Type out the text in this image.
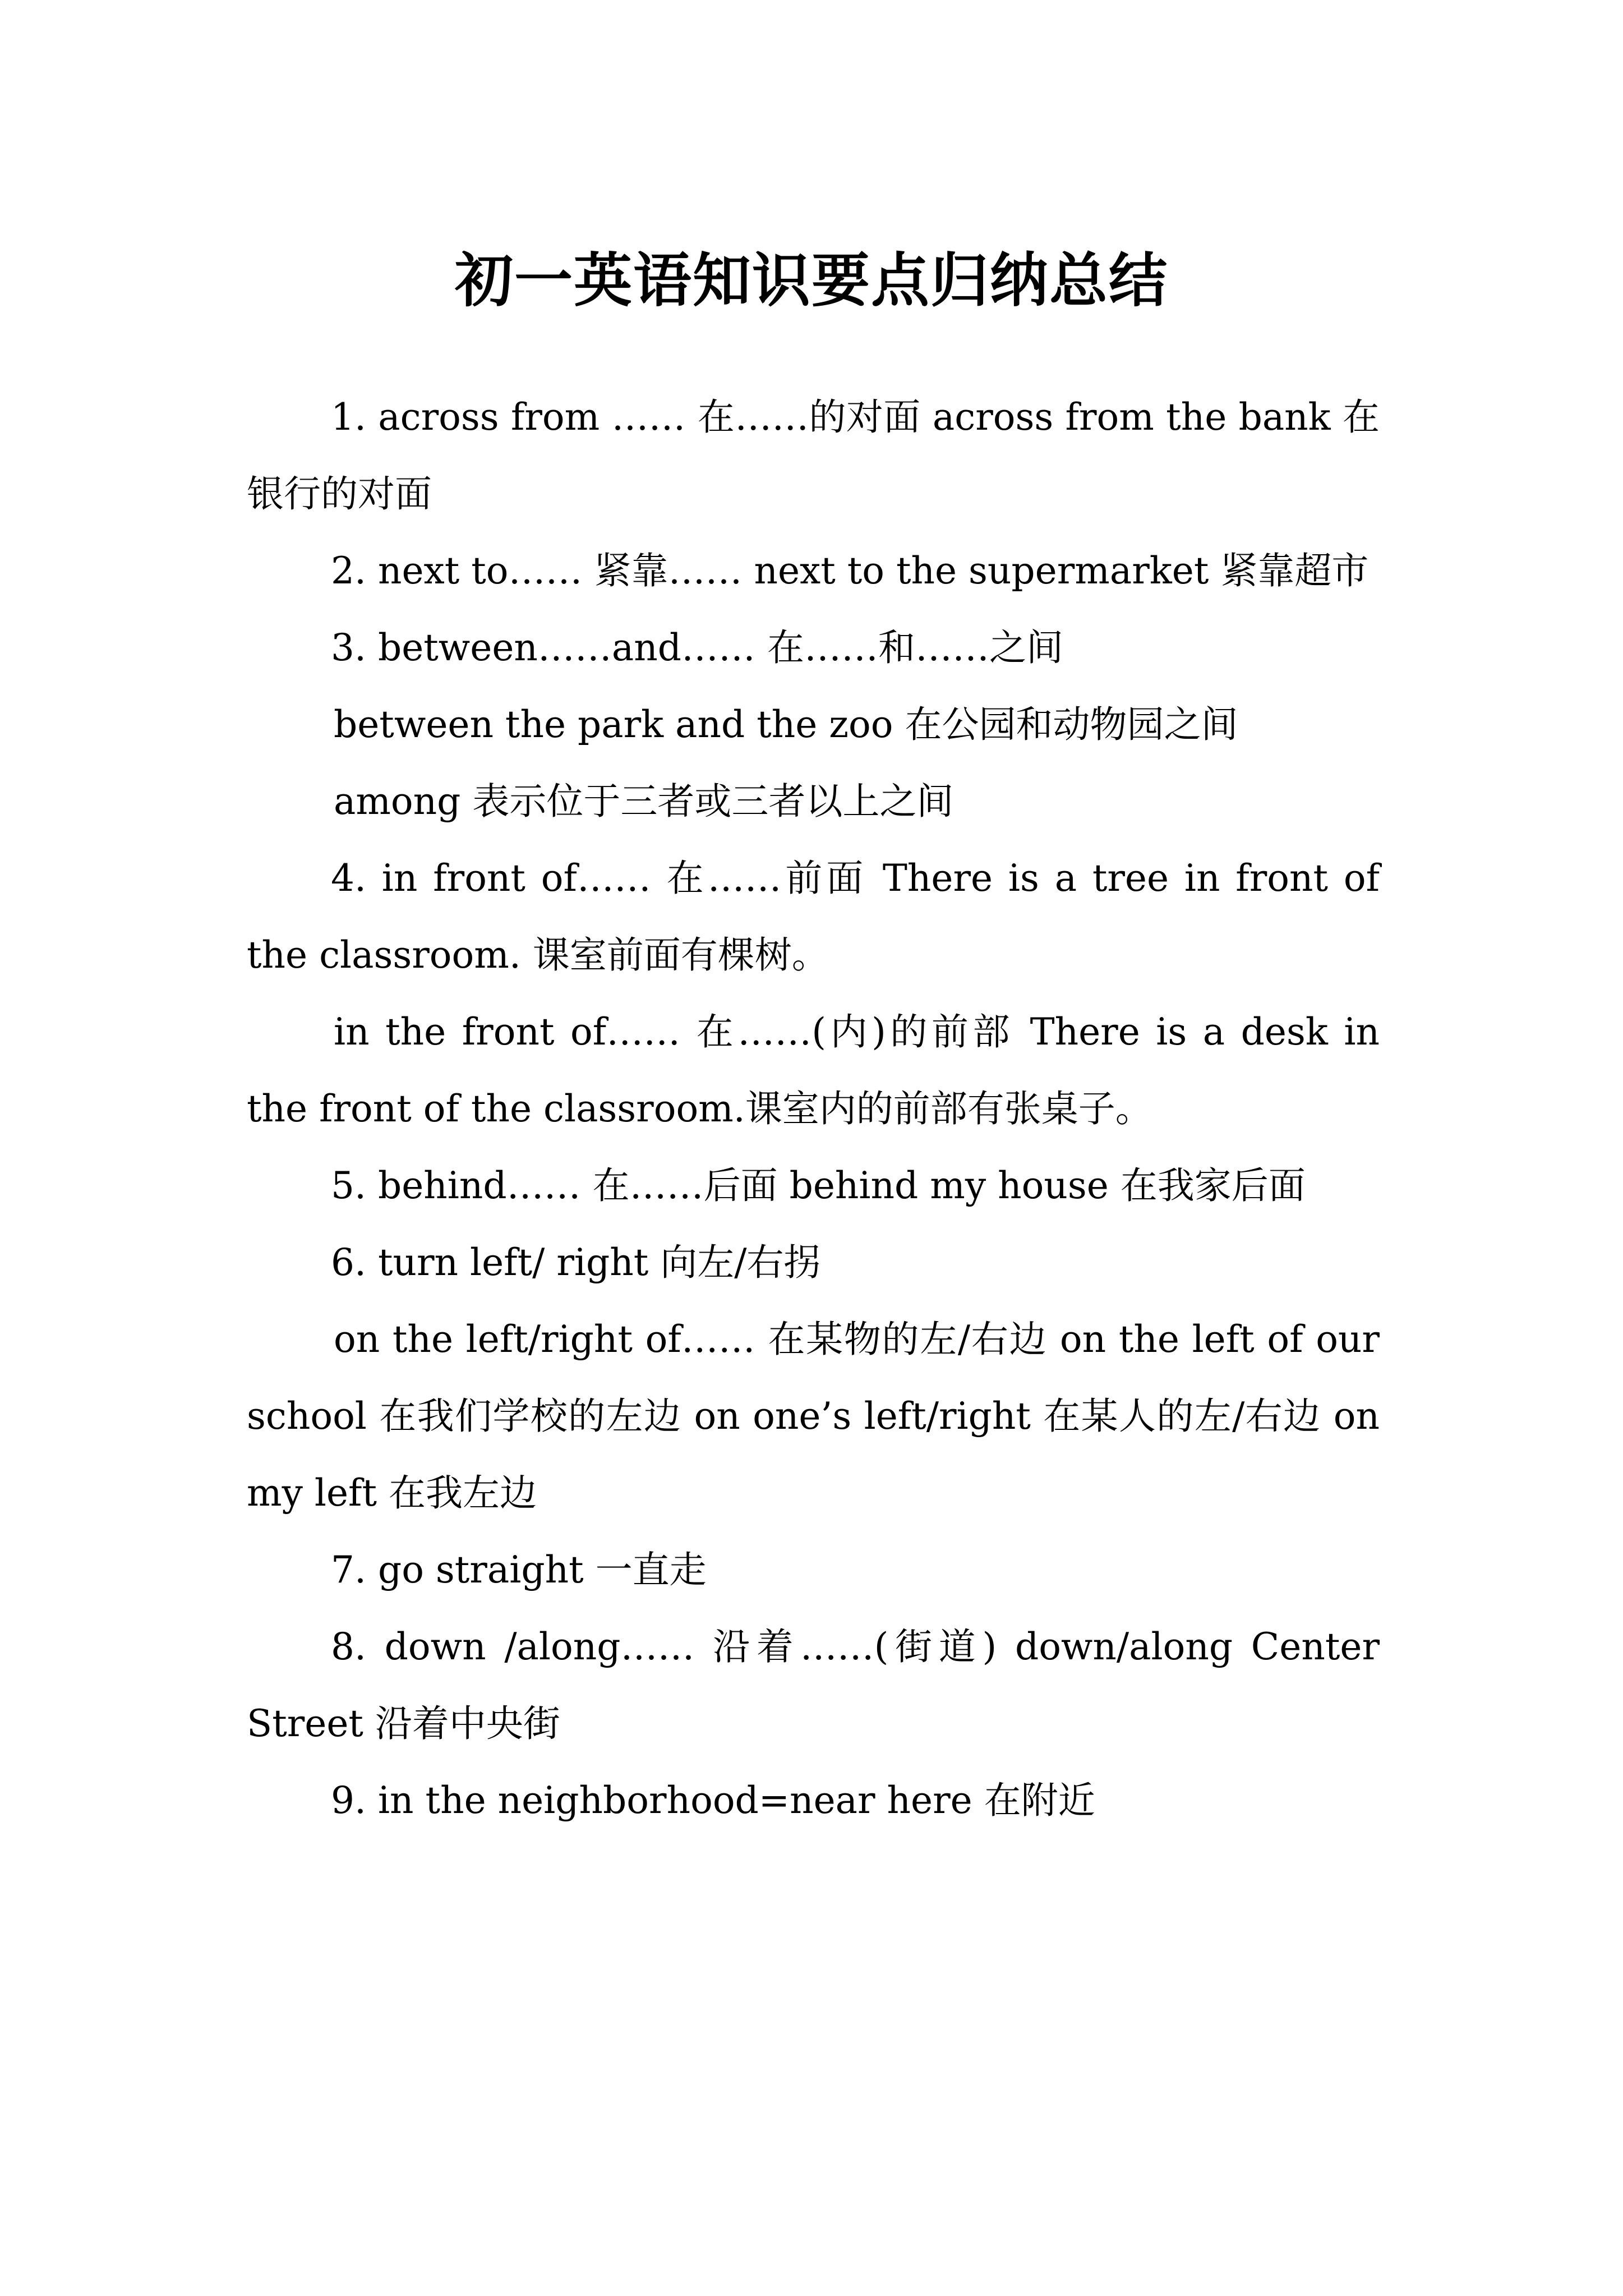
初一英语知识要点归纳总结

1. across from …… 在……的对面 across from the bank 在银行的对面

2. next to…… 紧靠…… next to the supermarket 紧靠超市

3. between……and…… 在……和……之间

between the park and the zoo 在公园和动物园之间

among 表示位于三者或三者以上之间

4. in front of…… 在……前面 There is a tree in front of the classroom. 课室前面有棵树。

in the front of…… 在……(内)的前部 There is a desk in the front of the classroom.课室内的前部有张桌子。

5. behind…… 在……后面 behind my house 在我家后面

6. turn left/ right 向左/右拐

on the left/right of…… 在某物的左/右边 on the left of our school 在我们学校的左边 on one’s left/right 在某人的左/右边 on my left 在我左边

7. go straight 一直走

8. down /along…… 沿着……(街道) down/along Center Street 沿着中央街

9. in the neighborhood=near here 在附近
